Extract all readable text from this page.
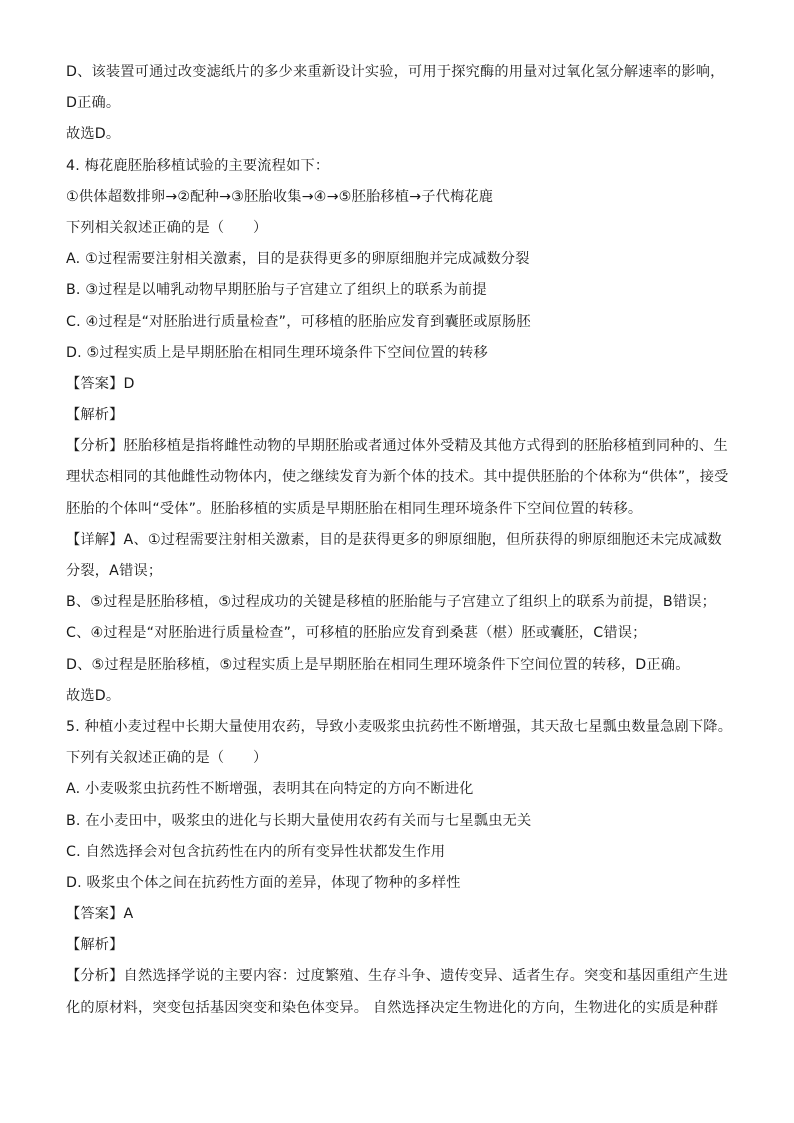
D、该装置可通过改变滤纸片的多少来重新设计实验，可用于探究酶的用量对过氧化氢分解速率的影响，
D正确。
故选D。
4. 梅花鹿胚胎移植试验的主要流程如下：
①供体超数排卵→②配种→③胚胎收集→④→⑤胚胎移植→子代梅花鹿
下列相关叙述正确的是（　　）
A. ①过程需要注射相关激素，目的是获得更多的卵原细胞并完成减数分裂
B. ③过程是以哺乳动物早期胚胎与子宫建立了组织上的联系为前提
C. ④过程是“对胚胎进行质量检查”，可移植的胚胎应发育到囊胚或原肠胚
D. ⑤过程实质上是早期胚胎在相同生理环境条件下空间位置的转移
【答案】D
【解析】
【分析】胚胎移植是指将雌性动物的早期胚胎或者通过体外受精及其他方式得到的胚胎移植到同种的、生
理状态相同的其他雌性动物体内，使之继续发育为新个体的技术。其中提供胚胎的个体称为“供体”，接受
胚胎的个体叫“受体”。胚胎移植的实质是早期胚胎在相同生理环境条件下空间位置的转移。
【详解】A、①过程需要注射相关激素，目的是获得更多的卵原细胞，但所获得的卵原细胞还未完成减数
分裂，A错误；
B、⑤过程是胚胎移植，⑤过程成功的关键是移植的胚胎能与子宫建立了组织上的联系为前提，B错误；
C、④过程是“对胚胎进行质量检查”，可移植的胚胎应发育到桑葚（椹）胚或囊胚，C错误；
D、⑤过程是胚胎移植，⑤过程实质上是早期胚胎在相同生理环境条件下空间位置的转移，D正确。
故选D。
5. 种植小麦过程中长期大量使用农药，导致小麦吸浆虫抗药性不断增强，其天敌七星瓢虫数量急剧下降。
下列有关叙述正确的是（　　）
A. 小麦吸浆虫抗药性不断增强，表明其在向特定的方向不断进化
B. 在小麦田中，吸浆虫的进化与长期大量使用农药有关而与七星瓢虫无关
C. 自然选择会对包含抗药性在内的所有变异性状都发生作用
D. 吸浆虫个体之间在抗药性方面的差异，体现了物种的多样性
【答案】A
【解析】
【分析】自然选择学说的主要内容：过度繁殖、生存斗争、遗传变异、适者生存。突变和基因重组产生进
化的原材料，突变包括基因突变和染色体变异。 自然选择决定生物进化的方向，生物进化的实质是种群
